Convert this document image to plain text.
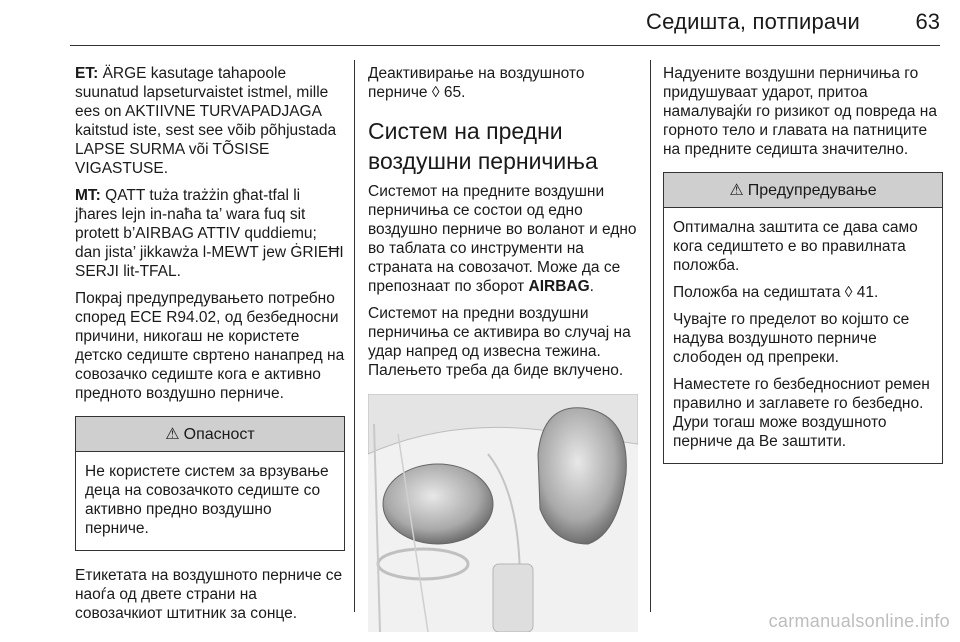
Седишта, потпирачи	63

ET: ÄRGE kasutage tahapoole suunatud lapseturvaistet istmel, mille ees on AKTIIVNE TURVAPADJAGA kaitstud iste, sest see võib põhjustada LAPSE SURMA või TÕSISE VIGASTUSE.

MT: QATT tuża trażżin għat-tfal li jħares lejn in-naħa ta’ wara fuq sit protett b’AIRBAG ATTIV quddiemu; dan jista’ jikkawża l-MEWT jew ĠRIEĦI SERJI lit-TFAL.

Покрај предупредувањето потребно според ECE R94.02, од безбедносни причини, никогаш не користете детско седиште свртено нанапред на совозачко седиште кога е активно предното воздушно перниче.

⚠ Опасност

Не користете систем за врзување деца на совозачкото седиште со активно предно воздушно перниче.

Етикетата на воздушното перниче се наоѓа од двете страни на совозачкиот штитник за сонце.

Деактивирање на воздушното перниче ◊ 65.

Систем на предни воздушни перничиња

Системот на предните воздушни перничиња се состои од едно воздушно перниче во воланот и едно во таблата со инструменти на страната на совозачот. Може да се препознаат по зборот AIRBAG.

Системот на предни воздушни перничиња се активира во случај на удар напред од извесна тежина. Палењето треба да биде вклучено.

Надуените воздушни перничиња го придушуваат ударот, притоа намалувајќи го ризикот од повреда на горното тело и главата на патниците на предните седишта значително.

⚠ Предупредување

Оптимална заштита се дава само кога седиштето е во правилната положба.

Положба на седиштата ◊ 41.

Чувајте го пределот во којшто се надува воздушното перниче слободен од препреки.

Наместете го безбедносниот ремен правилно и заглавете го безбедно. Дури тогаш може воздушното перниче да Ве заштити.

carmanualsonline.info
